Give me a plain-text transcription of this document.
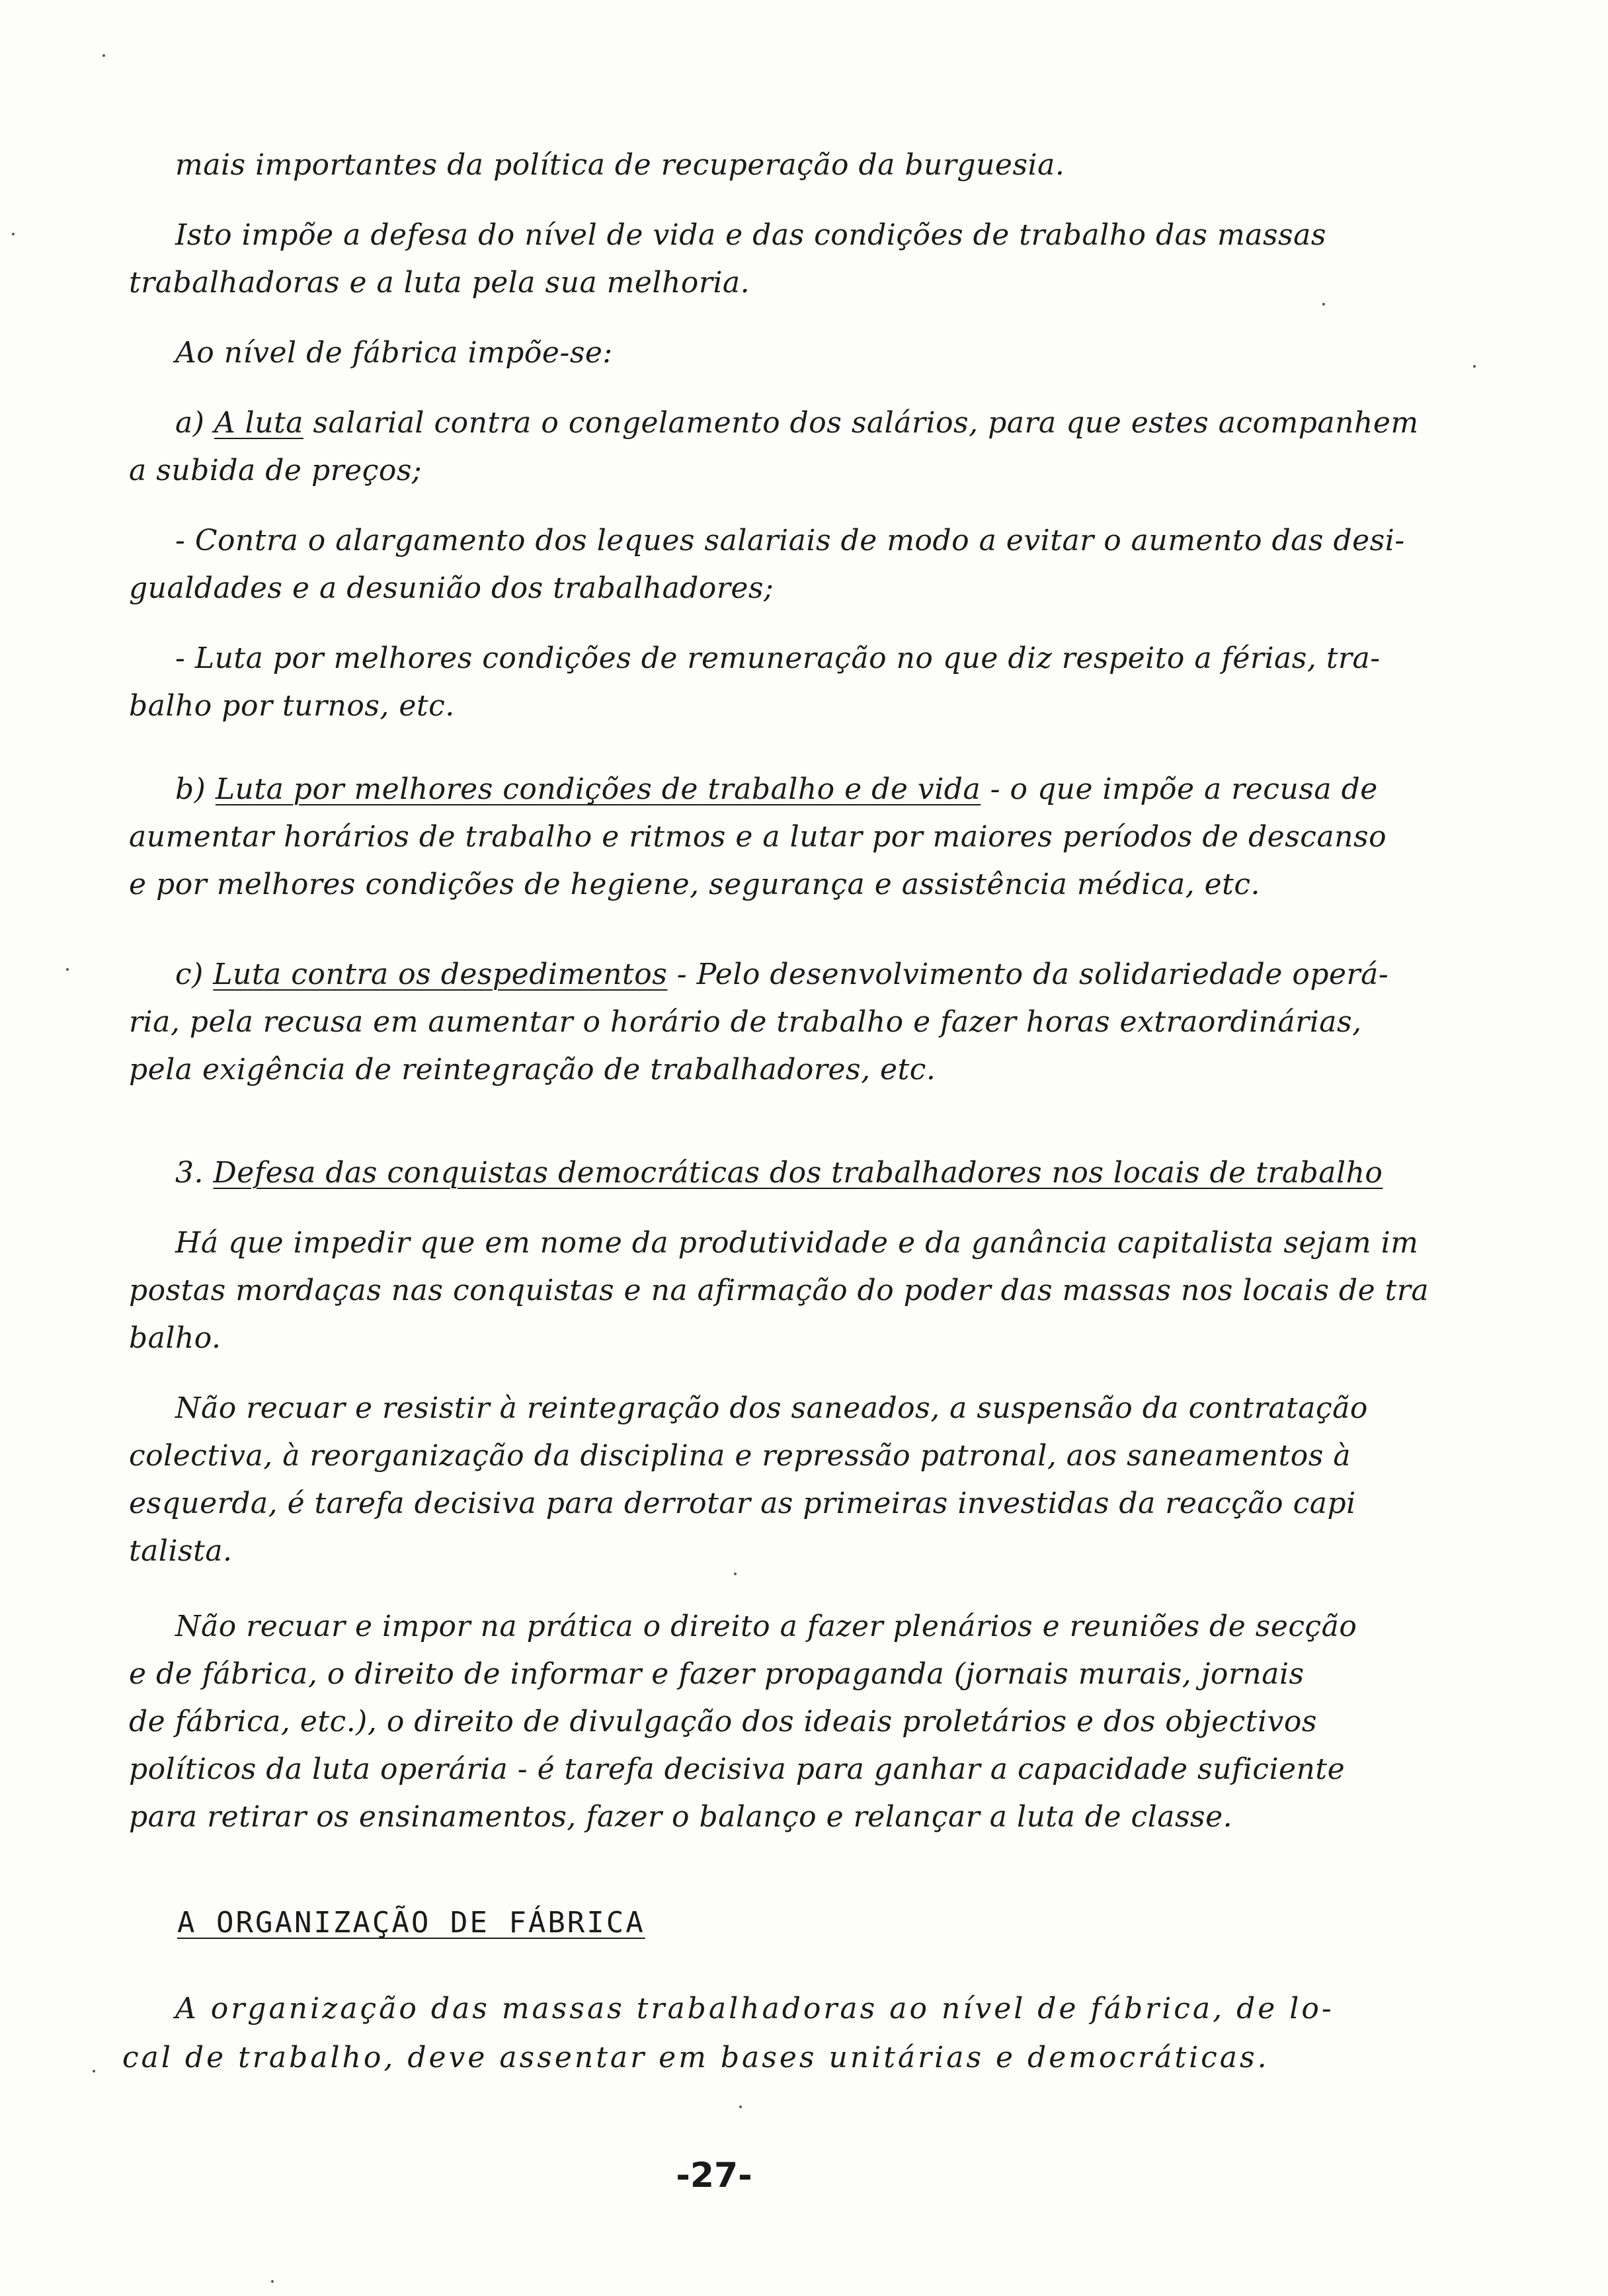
mais importantes da política de recuperação da burguesia.
Isto impõe a defesa do nível de vida e das condições de trabalho das massas
trabalhadoras e a luta pela sua melhoria.
Ao nível de fábrica impõe-se:
a) A luta salarial contra o congelamento dos salários, para que estes acompanhem
a subida de preços;
- Contra o alargamento dos leques salariais de modo a evitar o aumento das desi-
gualdades e a desunião dos trabalhadores;
- Luta por melhores condições de remuneração no que diz respeito a férias, tra-
balho por turnos, etc.
b) Luta por melhores condições de trabalho e de vida - o que impõe a recusa de
aumentar horários de trabalho e ritmos e a lutar por maiores períodos de descanso
e por melhores condições de hegiene, segurança e assistência médica, etc.
c) Luta contra os despedimentos - Pelo desenvolvimento da solidariedade operá-
ria, pela recusa em aumentar o horário de trabalho e fazer horas extraordinárias,
pela exigência de reintegração de trabalhadores, etc.
3. Defesa das conquistas democráticas dos trabalhadores nos locais de trabalho
Há que impedir que em nome da produtividade e da ganância capitalista sejam im
postas mordaças nas conquistas e na afirmação do poder das massas nos locais de tra
balho.
Não recuar e resistir à reintegração dos saneados, a suspensão da contratação
colectiva, à reorganização da disciplina e repressão patronal, aos saneamentos à
esquerda, é tarefa decisiva para derrotar as primeiras investidas da reacção capi
talista.
Não recuar e impor na prática o direito a fazer plenários e reuniões de secção
e de fábrica, o direito de informar e fazer propaganda (jornais murais, jornais
de fábrica, etc.), o direito de divulgação dos ideais proletários e dos objectivos
políticos da luta operária - é tarefa decisiva para ganhar a capacidade suficiente
para retirar os ensinamentos, fazer o balanço e relançar a luta de classe.
A ORGANIZAÇÃO DE FÁBRICA
A organização das massas trabalhadoras ao nível de fábrica, de lo-
cal de trabalho, deve assentar em bases unitárias e democráticas.
-27-
